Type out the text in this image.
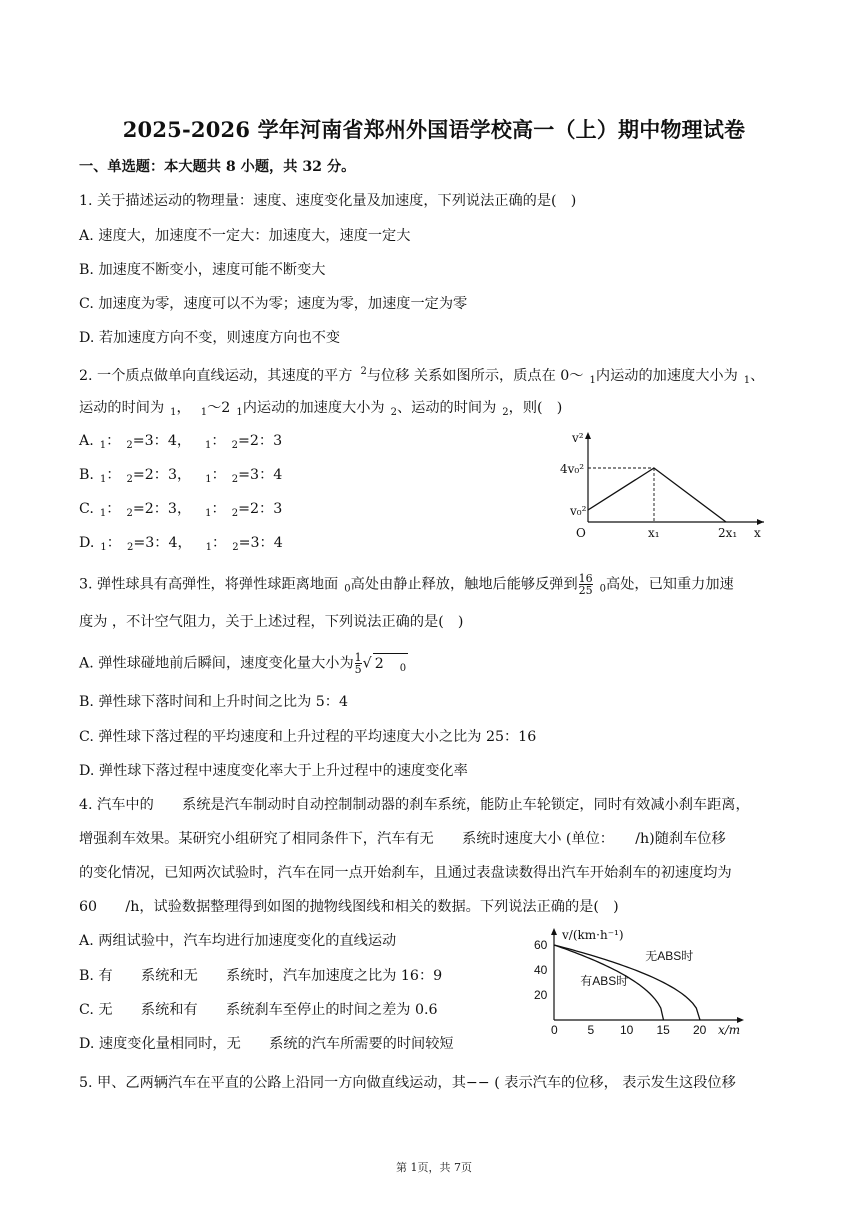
2025-2026 学年河南省郑州外国语学校高一（上）期中物理试卷
一、单选题：本大题共 8 小题，共 32 分。
1. 关于描述运动的物理量：速度、速度变化量及加速度，下列说法正确的是(　)
A. 速度大，加速度不一定大：加速度大，速度一定大
B. 加速度不断变小，速度可能不断变大
C. 加速度为零，速度可以不为零；速度为零，加速度一定为零
D. 若加速度方向不变，则速度方向也不变
2. 一个质点做单向直线运动，其速度的平方 $^2$与位移 关系如图所示，质点在 0～ $_1$内运动的加速度大小为 $_1$、
运动的时间为 $_1$， $_1$～2 $_1$内运动的加速度大小为 $_2$、运动的时间为 $_2$，则(　)
A. $_1$： $_2$=3：4， $_1$： $_2$=2：3
B. $_1$： $_2$=2：3， $_1$： $_2$=3：4
C. $_1$： $_2$=2：3， $_1$： $_2$=2：3
D. $_1$： $_2$=3：4， $_1$： $_2$=3：4
v²
4v₀²
v₀²
O	x₁	2x₁ x
3. 弹性球具有高弹性，将弹性球距离地面 $_0$高处由静止释放，触地后能够反弹到 $\frac{16}{25} _0$高处，已知重力加速
度为 ，不计空气阻力，关于上述过程，下列说法正确的是(　)
A. 弹性球碰地前后瞬间，速度变化量大小为 $\frac{1}{5}$ √ 2 $_0$
B. 弹性球下落时间和上升时间之比为 5：4
C. 弹性球下落过程的平均速度和上升过程的平均速度大小之比为 25：16
D. 弹性球下落过程中速度变化率大于上升过程中的速度变化率
4. 汽车中的　　系统是汽车制动时自动控制制动器的刹车系统，能防止车轮锁定，同时有效减小刹车距离，
增强刹车效果。某研究小组研究了相同条件下，汽车有无　　系统时速度大小 (单位：　　/h)随刹车位移
的变化情况，已知两次试验时，汽车在同一点开始刹车，且通过表盘读数得出汽车开始刹车的初速度均为
60　　/h，试验数据整理得到如图的抛物线图线和相关的数据。下列说法正确的是(　)
A. 两组试验中，汽车均进行加速度变化的直线运动
B. 有　　系统和无　　系统时，汽车加速度之比为 16：9
C. 无　　系统和有　　系统刹车至停止的时间之差为 0.6
D. 速度变化量相同时，无　　系统的汽车所需要的时间较短
v/(km·h⁻¹)
x/m
60
40
20
0 5 10 15 20
无ABS时
有ABS时
5. 甲、乙两辆汽车在平直的公路上沿同一方向做直线运动，其−− ( 表示汽车的位移， 表示发生这段位移
第 1页，共 7页
